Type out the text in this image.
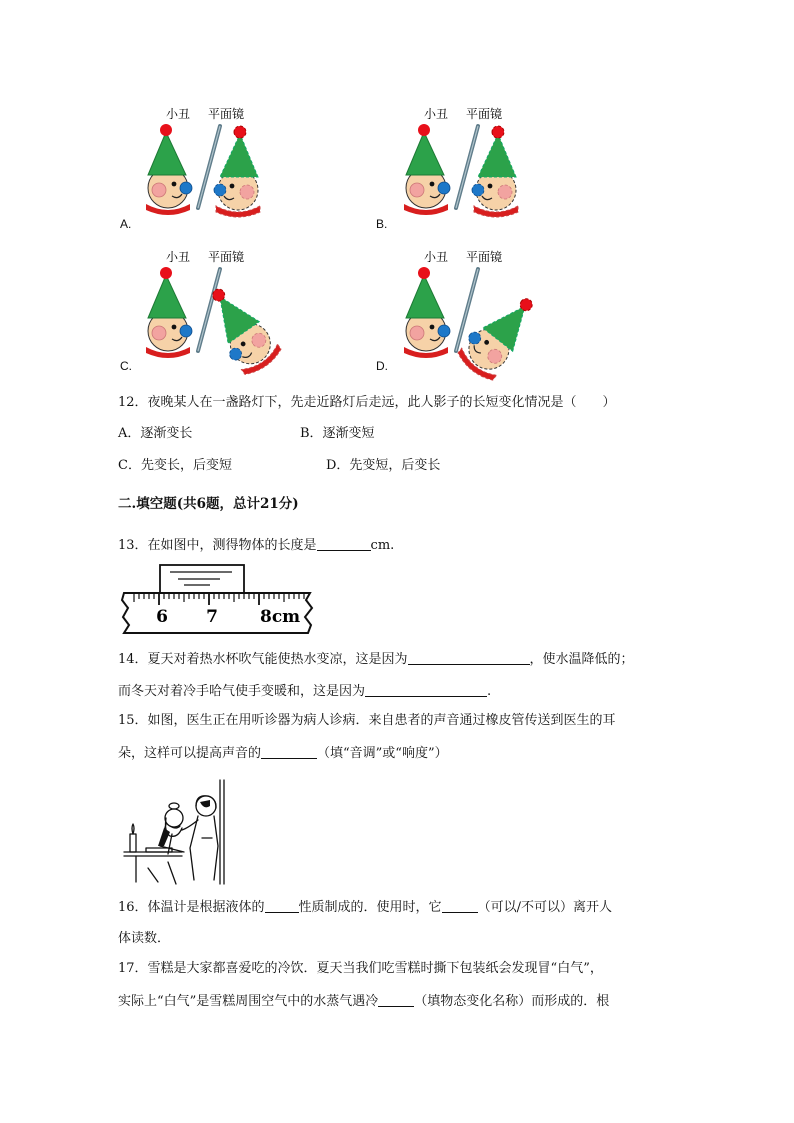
小丑 平面镜
A.
小丑 平面镜
B.
小丑 平面镜
C.
小丑 平面镜
D.
12．夜晚某人在一盏路灯下，先走近路灯后走远，此人影子的长短变化情况是（　　）
A．逐渐变长	B．逐渐变短
C．先变长，后变短	D．先变短，后变长
二.填空题(共6题，总计21分)
13．在如图中，测得物体的长度是	cm.
6 7 8cm
14．夏天对着热水杯吹气能使热水变凉，这是因为	，使水温降低的；
而冬天对着冷手哈气使手变暖和，这是因为	.
15．如图，医生正在用听诊器为病人诊病．来自患者的声音通过橡皮管传送到医生的耳
朵，这样可以提高声音的	（填“音调”或“响度”）
16．体温计是根据液体的	性质制成的．使用时，它	（可以/不可以）离开人
体读数．
17．雪糕是大家都喜爱吃的冷饮．夏天当我们吃雪糕时撕下包装纸会发现冒“白气”，
实际上“白气”是雪糕周围空气中的水蒸气遇冷	（填物态变化名称）而形成的．根
